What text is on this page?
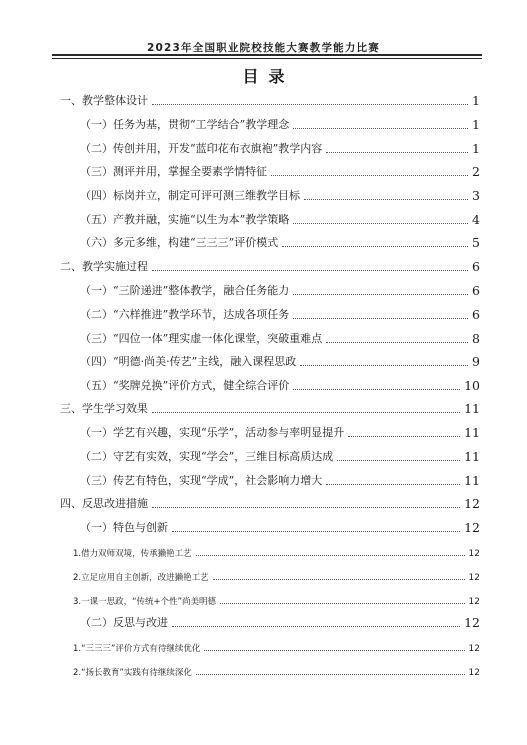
2023年全国职业院校技能大赛教学能力比赛
目录
一、教学整体设计	1
（一）任务为基，贯彻“工学结合”教学理念	1
（二）传创并用，开发“蓝印花布衣旗袍”教学内容	1
（三）测评并用，掌握全要素学情特征	2
（四）标岗并立，制定可评可测三维教学目标	3
（五）产教并融，实施“以生为本”教学策略	4
（六）多元多维，构建“三三三”评价模式	5
二、教学实施过程	6
（一）“三阶递进”整体教学，融合任务能力	6
（二）“六样推进”教学环节，达成各项任务	6
（三）“四位一体”理实虚一体化课堂，突破重难点	8
（四）“明德·尚美·传艺”主线，融入课程思政	9
（五）“奖牌兑换”评价方式，健全综合评价	10
三、学生学习效果	11
（一）学艺有兴趣，实现“乐学”，活动参与率明显提升	11
（二）守艺有实效，实现“学会”，三维目标高质达成	11
（三）传艺有特色，实现“学成”，社会影响力增大	11
四、反思改进措施	12
（一）特色与创新	12
1.借力双师双境，传承獭艳工艺	12
2.立足应用自主创新，改进獭艳工艺	12
3.一课一思政，“传统+个性”尚美明德	12
（二）反思与改进	12
1.“三三三”评价方式有待继续优化	12
2.“扬长教育”实践有待继续深化	12
